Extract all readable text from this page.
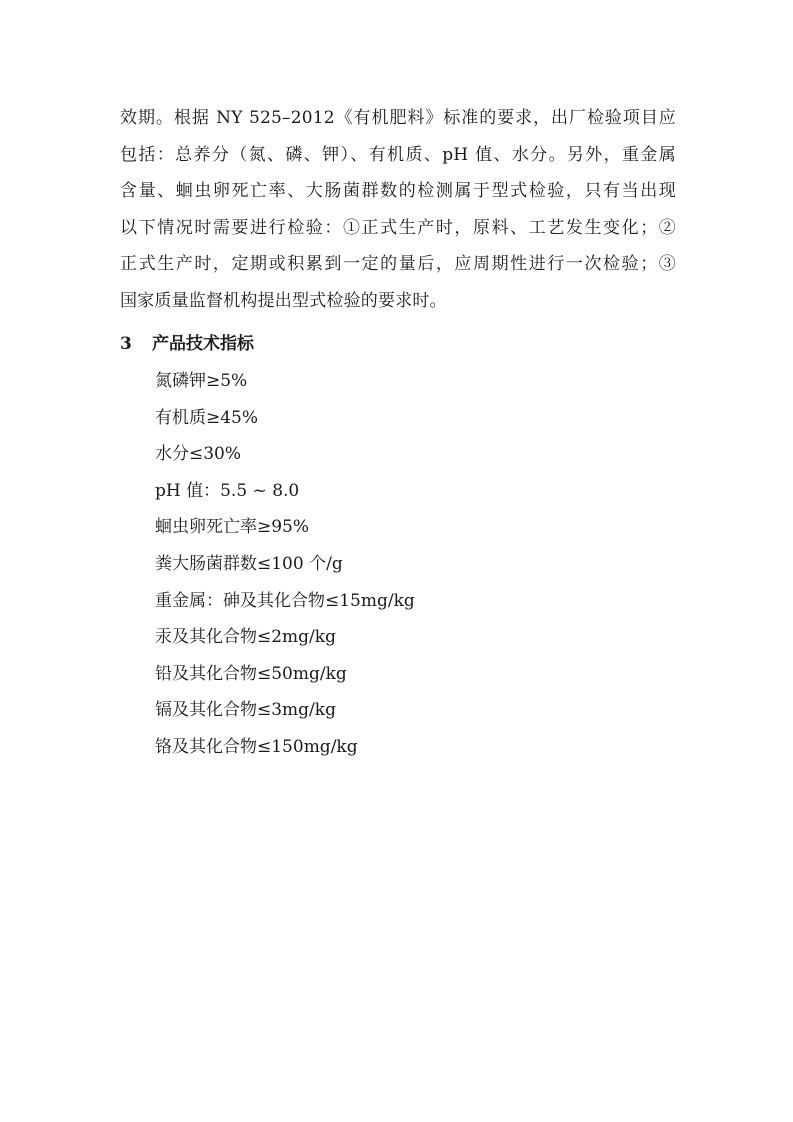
效期。根据 NY 525–2012《有机肥料》标准的要求，出厂检验项目应
包括：总养分（氮、磷、钾）、有机质、pH 值、水分。另外，重金属
含量、蛔虫卵死亡率、大肠菌群数的检测属于型式检验，只有当出现
以下情况时需要进行检验：①正式生产时，原料、工艺发生变化；②
正式生产时，定期或积累到一定的量后，应周期性进行一次检验；③
国家质量监督机构提出型式检验的要求时。
3 产品技术指标
氮磷钾≥5%
有机质≥45%
水分≤30%
pH 值：5.5 ~ 8.0
蛔虫卵死亡率≥95%
粪大肠菌群数≤100 个/g
重金属：砷及其化合物≤15mg/kg
汞及其化合物≤2mg/kg
铅及其化合物≤50mg/kg
镉及其化合物≤3mg/kg
铬及其化合物≤150mg/kg
